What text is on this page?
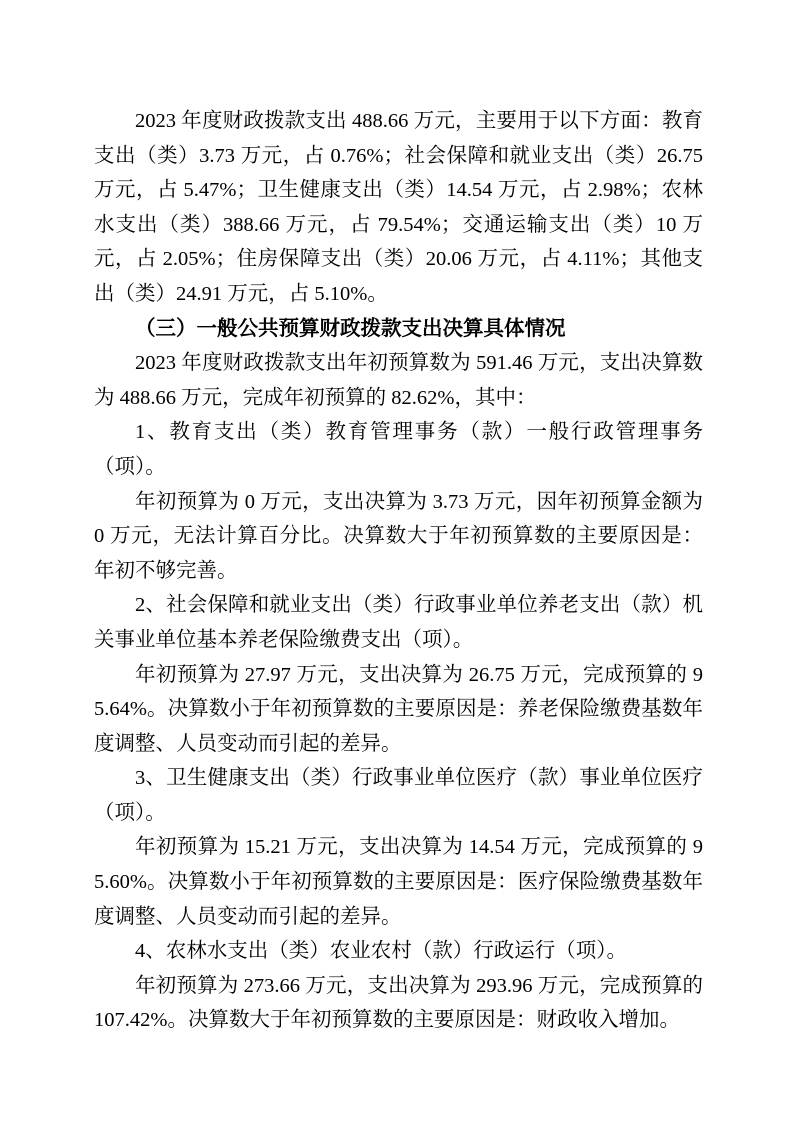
2023 年度财政拨款支出 488.66 万元，主要用于以下方面：教育支出（类）3.73 万元，占 0.76%；社会保障和就业支出（类）26.75 万元，占 5.47%；卫生健康支出（类）14.54 万元，占 2.98%；农林水支出（类）388.66 万元，占 79.54%；交通运输支出（类）10 万元，占 2.05%；住房保障支出（类）20.06 万元，占 4.11%；其他支出（类）24.91 万元，占 5.10%。

（三）一般公共预算财政拨款支出决算具体情况

2023 年度财政拨款支出年初预算数为 591.46 万元，支出决算数为 488.66 万元，完成年初预算的 82.62%，其中：

1、教育支出（类）教育管理事务（款）一般行政管理事务（项）。

年初预算为 0 万元，支出决算为 3.73 万元，因年初预算金额为 0 万元，无法计算百分比。决算数大于年初预算数的主要原因是：年初不够完善。

2、社会保障和就业支出（类）行政事业单位养老支出（款）机关事业单位基本养老保险缴费支出（项）。

年初预算为 27.97 万元，支出决算为 26.75 万元，完成预算的 95.64%。决算数小于年初预算数的主要原因是：养老保险缴费基数年度调整、人员变动而引起的差异。

3、卫生健康支出（类）行政事业单位医疗（款）事业单位医疗（项）。

年初预算为 15.21 万元，支出决算为 14.54 万元，完成预算的 95.60%。决算数小于年初预算数的主要原因是：医疗保险缴费基数年度调整、人员变动而引起的差异。

4、农林水支出（类）农业农村（款）行政运行（项）。

年初预算为 273.66 万元，支出决算为 293.96 万元，完成预算的 107.42%。决算数大于年初预算数的主要原因是：财政收入增加。
